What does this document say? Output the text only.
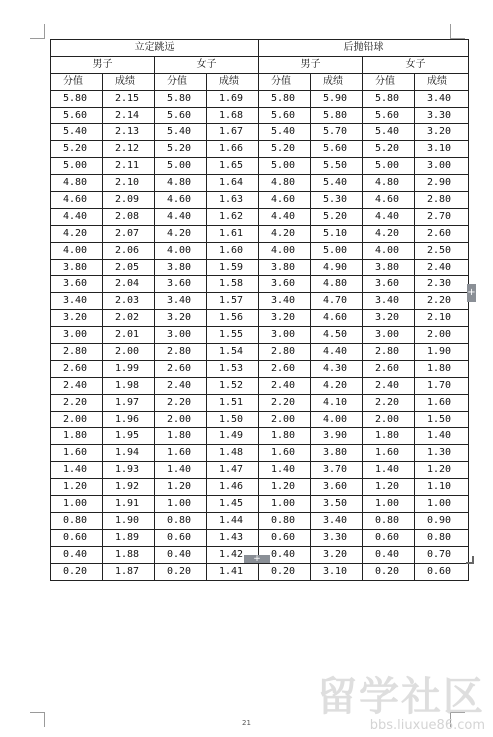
立定跳远				后抛铅球			
男子		女子		男子		女子	
分值	成绩	分值	成绩	分值	成绩	分值	成绩
5.80	2.15	5.80	1.69	5.80	5.90	5.80	3.40
5.60	2.14	5.60	1.68	5.60	5.80	5.60	3.30
5.40	2.13	5.40	1.67	5.40	5.70	5.40	3.20
5.20	2.12	5.20	1.66	5.20	5.60	5.20	3.10
5.00	2.11	5.00	1.65	5.00	5.50	5.00	3.00
4.80	2.10	4.80	1.64	4.80	5.40	4.80	2.90
4.60	2.09	4.60	1.63	4.60	5.30	4.60	2.80
4.40	2.08	4.40	1.62	4.40	5.20	4.40	2.70
4.20	2.07	4.20	1.61	4.20	5.10	4.20	2.60
4.00	2.06	4.00	1.60	4.00	5.00	4.00	2.50
3.80	2.05	3.80	1.59	3.80	4.90	3.80	2.40
3.60	2.04	3.60	1.58	3.60	4.80	3.60	2.30
3.40	2.03	3.40	1.57	3.40	4.70	3.40	2.20
3.20	2.02	3.20	1.56	3.20	4.60	3.20	2.10
3.00	2.01	3.00	1.55	3.00	4.50	3.00	2.00
2.80	2.00	2.80	1.54	2.80	4.40	2.80	1.90
2.60	1.99	2.60	1.53	2.60	4.30	2.60	1.80
2.40	1.98	2.40	1.52	2.40	4.20	2.40	1.70
2.20	1.97	2.20	1.51	2.20	4.10	2.20	1.60
2.00	1.96	2.00	1.50	2.00	4.00	2.00	1.50
1.80	1.95	1.80	1.49	1.80	3.90	1.80	1.40
1.60	1.94	1.60	1.48	1.60	3.80	1.60	1.30
1.40	1.93	1.40	1.47	1.40	3.70	1.40	1.20
1.20	1.92	1.20	1.46	1.20	3.60	1.20	1.10
1.00	1.91	1.00	1.45	1.00	3.50	1.00	1.00
0.80	1.90	0.80	1.44	0.80	3.40	0.80	0.90
0.60	1.89	0.60	1.43	0.60	3.30	0.60	0.80
0.40	1.88	0.40	1.42	0.40	3.20	0.40	0.70
0.20	1.87	0.20	1.41	0.20	3.10	0.20	0.60
+
+
21
留学社区
bbs.liuxue86.com
